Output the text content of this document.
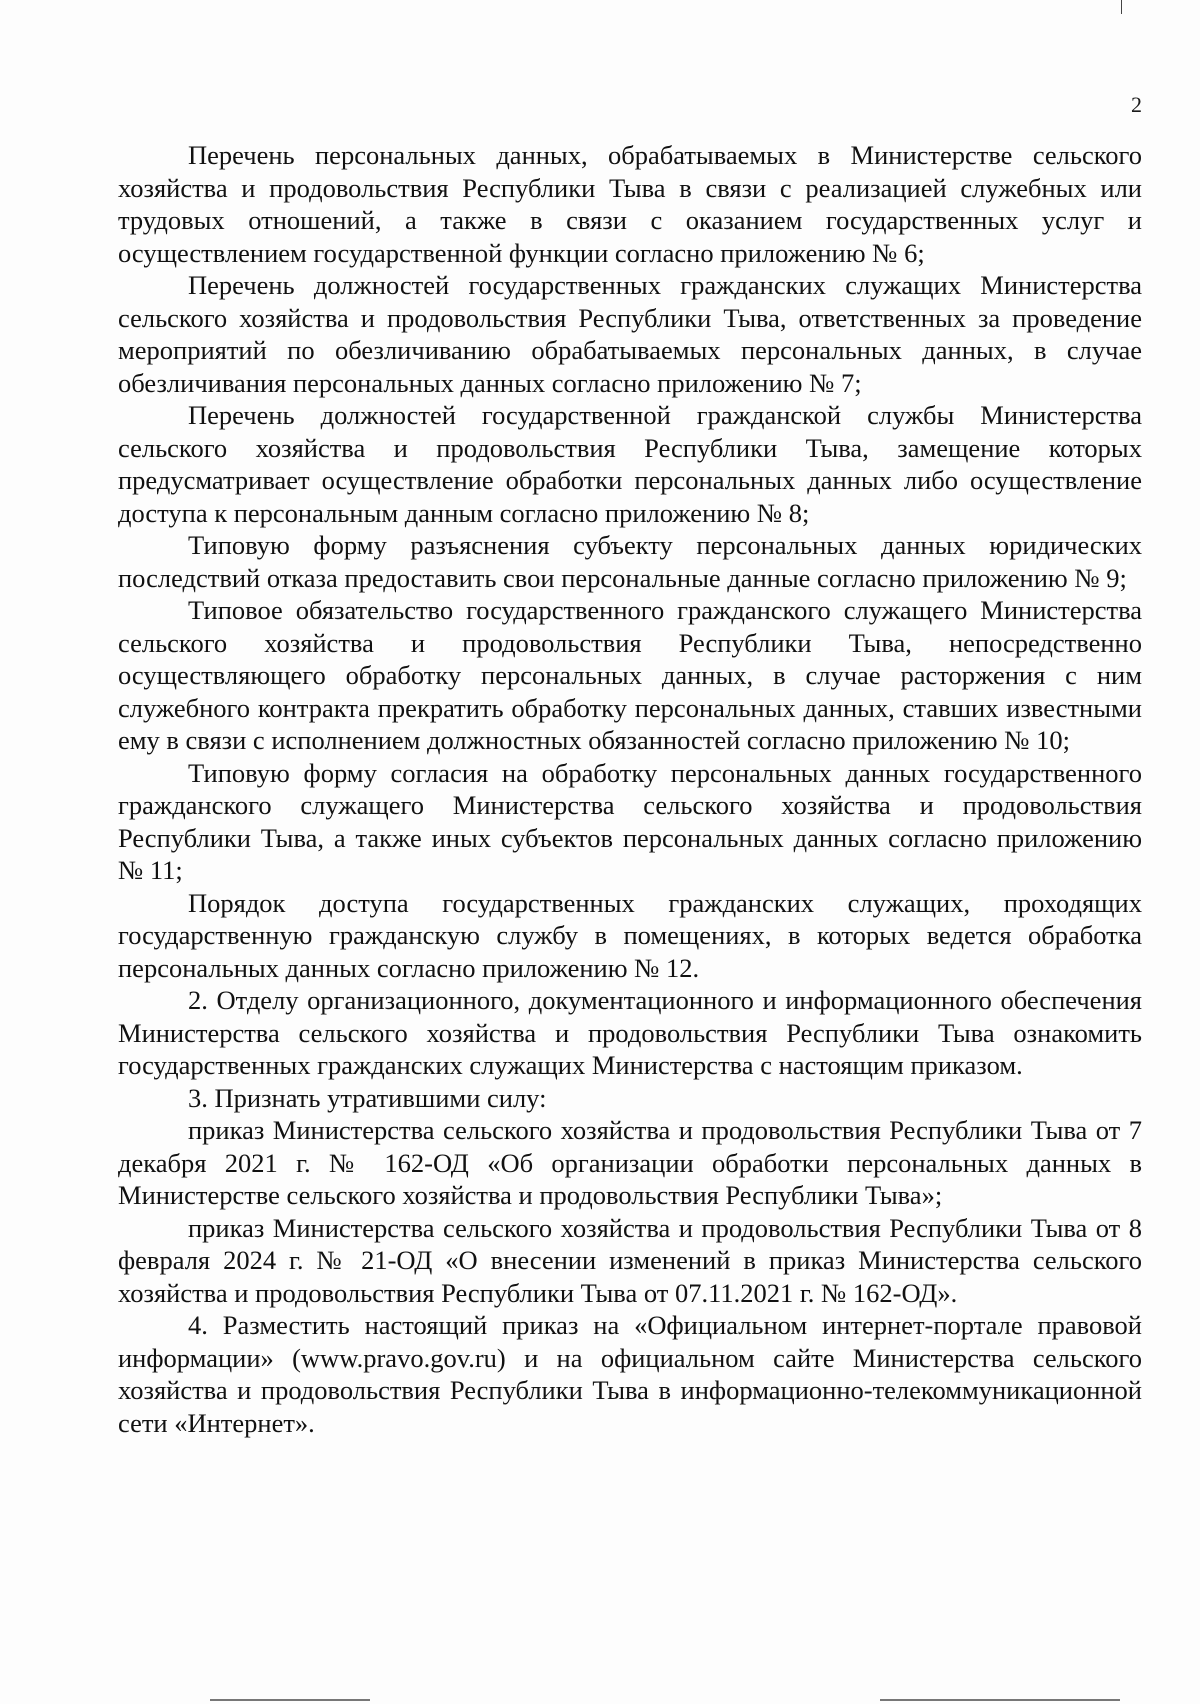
2

Перечень персональных данных, обрабатываемых в Министерстве сельского хозяйства и продовольствия Республики Тыва в связи с реализацией служебных или трудовых отношений, а также в связи с оказанием государственных услуг и осуществлением государственной функции согласно приложению № 6;

Перечень должностей государственных гражданских служащих Министерства сельского хозяйства и продовольствия Республики Тыва, ответственных за проведение мероприятий по обезличиванию обрабатываемых персональных данных, в случае обезличивания персональных данных согласно приложению № 7;

Перечень должностей государственной гражданской службы Министерства сельского хозяйства и продовольствия Республики Тыва, замещение которых предусматривает осуществление обработки персональных данных либо осуществление доступа к персональным данным согласно приложению № 8;

Типовую форму разъяснения субъекту персональных данных юридических последствий отказа предоставить свои персональные данные согласно приложению № 9;

Типовое обязательство государственного гражданского служащего Министерства сельского хозяйства и продовольствия Республики Тыва, непосредственно осуществляющего обработку персональных данных, в случае расторжения с ним служебного контракта прекратить обработку персональных данных, ставших известными ему в связи с исполнением должностных обязанностей согласно приложению № 10;

Типовую форму согласия на обработку персональных данных государственного гражданского служащего Министерства сельского хозяйства и продовольствия Республики Тыва, а также иных субъектов персональных данных согласно приложению № 11;

Порядок доступа государственных гражданских служащих, проходящих государственную гражданскую службу в помещениях, в которых ведется обработка персональных данных согласно приложению № 12.

2. Отделу организационного, документационного и информационного обеспечения Министерства сельского хозяйства и продовольствия Республики Тыва ознакомить государственных гражданских служащих Министерства с настоящим приказом.

3. Признать утратившими силу:

приказ Министерства сельского хозяйства и продовольствия Республики Тыва от 7 декабря 2021 г. № 162-ОД «Об организации обработки персональных данных в Министерстве сельского хозяйства и продовольствия Республики Тыва»;

приказ Министерства сельского хозяйства и продовольствия Республики Тыва от 8 февраля 2024 г. № 21-ОД «О внесении изменений в приказ Министерства сельского хозяйства и продовольствия Республики Тыва от 07.11.2021 г. № 162-ОД».

4. Разместить настоящий приказ на «Официальном интернет-портале правовой информации» (www.pravo.gov.ru) и на официальном сайте Министерства сельского хозяйства и продовольствия Республики Тыва в информационно-телекоммуникационной сети «Интернет».
